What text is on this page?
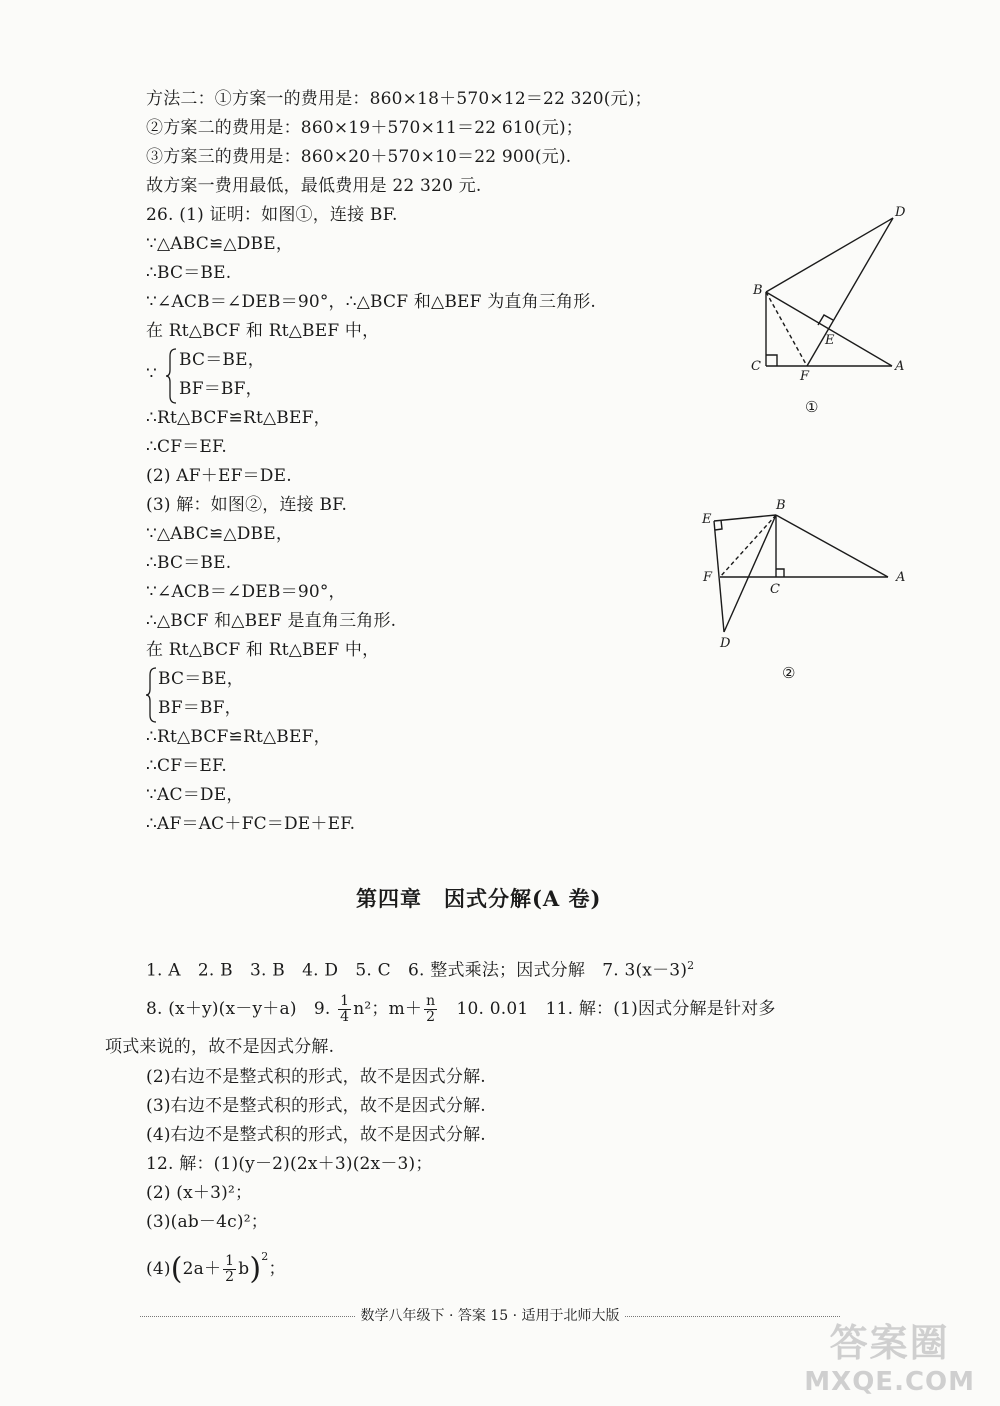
方法二：①方案一的费用是：860×18＋570×12＝22 320(元)；
②方案二的费用是：860×19＋570×11＝22 610(元)；
③方案三的费用是：860×20＋570×10＝22 900(元).
故方案一费用最低，最低费用是 22 320 元.
26. (1) 证明：如图①，连接 BF.
∵△ABC≌△DBE，
∴BC＝BE.
∵∠ACB＝∠DEB＝90°，∴△BCF 和△BEF 为直角三角形.
在 Rt△BCF 和 Rt△BEF 中，
∵
BC＝BE，
BF＝BF，
∴Rt△BCF≌Rt△BEF，
∴CF＝EF.
(2) AF＋EF＝DE.
(3) 解：如图②，连接 BF.
∵△ABC≌△DBE，
∴BC＝BE.
∵∠ACB＝∠DEB＝90°，
∴△BCF 和△BEF 是直角三角形.
在 Rt△BCF 和 Rt△BEF 中，
BC＝BE，
BF＝BF，
∴Rt△BCF≌Rt△BEF，
∴CF＝EF.
∵AC＝DE，
∴AF＝AC＋FC＝DE＋EF.
D
B
C	A
E
F
①
E
B
F
C
A
D
②
第四章　因式分解(A 卷)
1. A　2. B　3. B　4. D　5. C　6. 整式乘法；因式分解　7. $3(x-3)^2$
8. (x＋y)(x－y＋a)　9. $\frac{1}{4} n^2$；$m+ \frac{n}{2}$ 　10. 0.01　11. 解：(1)因式分解是针对多
项式来说的，故不是因式分解.
(2)右边不是整式积的形式，故不是因式分解.
(3)右边不是整式积的形式，故不是因式分解.
(4)右边不是整式积的形式，故不是因式分解.
12. 解：(1)(y－2)(2x＋3)(2x－3)；
(2) (x＋3)²；
(3)(ab－4c)²；
$(4)(2a+ \frac{1}{2} b)^2$；
数学八年级下 · 答案 15 · 适用于北师大版
答案圈
MXQE.COM
